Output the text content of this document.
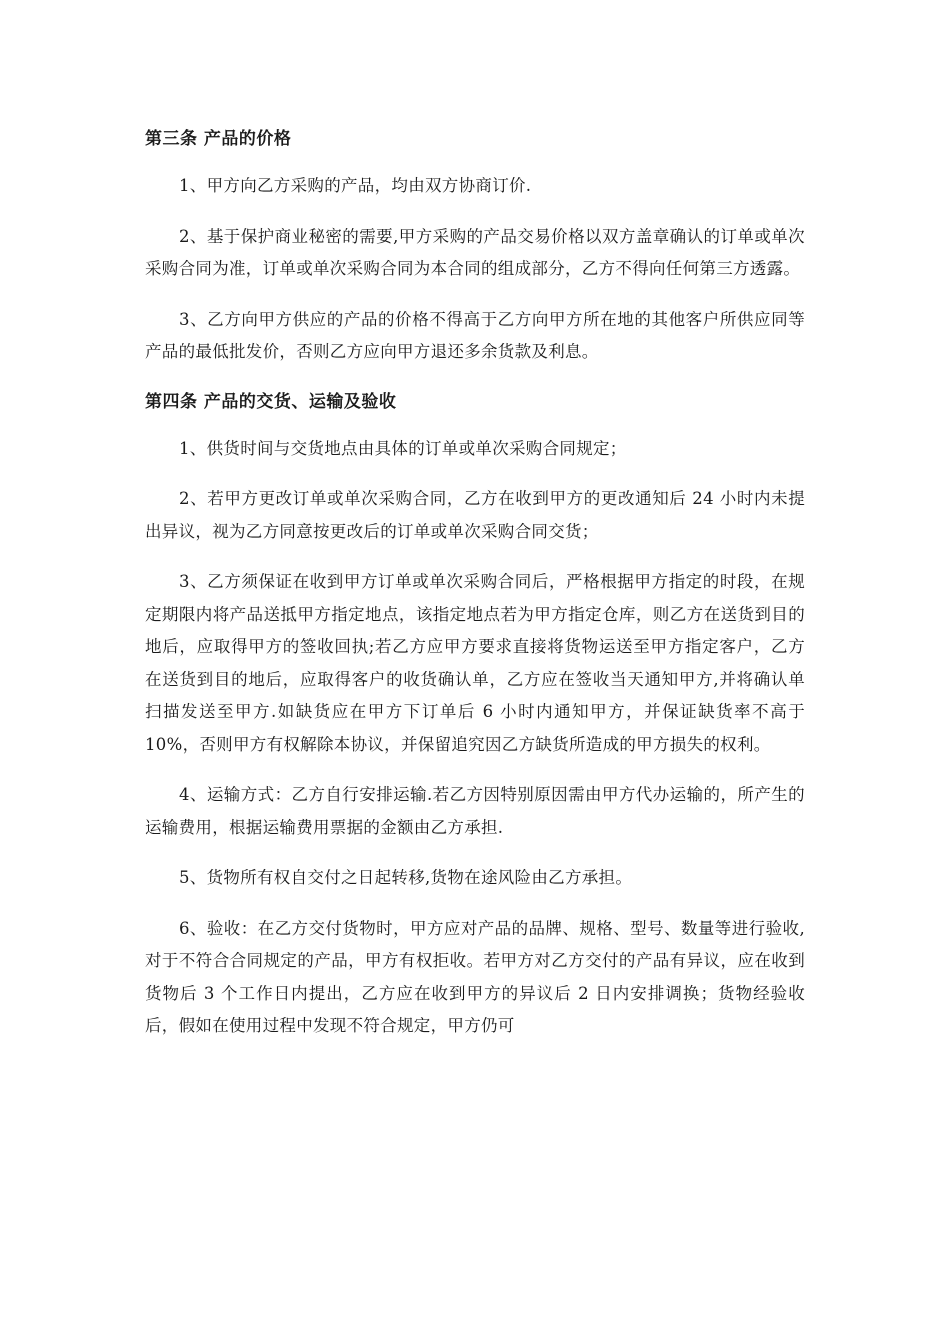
第三条 产品的价格

1、甲方向乙方采购的产品，均由双方协商订价.

2、基于保护商业秘密的需要,甲方采购的产品交易价格以双方盖章确认的订单或单次采购合同为准，订单或单次采购合同为本合同的组成部分，乙方不得向任何第三方透露。

3、乙方向甲方供应的产品的价格不得高于乙方向甲方所在地的其他客户所供应同等产品的最低批发价，否则乙方应向甲方退还多余货款及利息。

第四条 产品的交货、运输及验收

1、供货时间与交货地点由具体的订单或单次采购合同规定；

2、若甲方更改订单或单次采购合同，乙方在收到甲方的更改通知后 24 小时内未提出异议，视为乙方同意按更改后的订单或单次采购合同交货；

3、乙方须保证在收到甲方订单或单次采购合同后，严格根据甲方指定的时段，在规定期限内将产品送抵甲方指定地点，该指定地点若为甲方指定仓库，则乙方在送货到目的地后，应取得甲方的签收回执;若乙方应甲方要求直接将货物运送至甲方指定客户，乙方在送货到目的地后，应取得客户的收货确认单，乙方应在签收当天通知甲方,并将确认单扫描发送至甲方.如缺货应在甲方下订单后 6 小时内通知甲方，并保证缺货率不高于 10%，否则甲方有权解除本协议，并保留追究因乙方缺货所造成的甲方损失的权利。

4、运输方式：乙方自行安排运输.若乙方因特别原因需由甲方代办运输的，所产生的运输费用，根据运输费用票据的金额由乙方承担.

5、货物所有权自交付之日起转移,货物在途风险由乙方承担。

6、验收：在乙方交付货物时，甲方应对产品的品牌、规格、型号、数量等进行验收,对于不符合合同规定的产品，甲方有权拒收。若甲方对乙方交付的产品有异议，应在收到货物后 3 个工作日内提出，乙方应在收到甲方的异议后 2 日内安排调换；货物经验收后，假如在使用过程中发现不符合规定，甲方仍可
